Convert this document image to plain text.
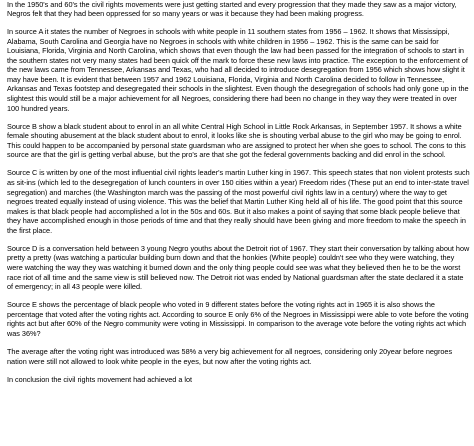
In the 1950's and 60's the civil rights movements were just getting started and every progression that they made they saw as a major victory, Negros felt that they had been oppressed for so many years or was it because they had been making progress.

In source A it states the number of Negroes in schools with white people in 11 southern states from 1956 – 1962. It shows that Mississippi, Alabama, South Carolina and Georgia have no Negroes in schools with white children in 1956 – 1962. This is the same can be said for Louisiana, Florida, Virginia and North Carolina, which shows that even though the law had been passed for the integration of schools to start in the southern states not very many states had been quick off the mark to force these new laws into practice. The exception to the enforcement of the new laws came from Tennessee, Arkansas and Texas, who had all decided to introduce desegregation from 1956 which shows how slight it may have been. It is evident that between 1957 and 1962 Louisiana, Florida, Virginia and North Carolina decided to follow in Tennessee, Arkansas and Texas footstep and desegregated their schools in the slightest. Even though the desegregation of schools had only gone up in the slightest this would still be a major achievement for all Negroes, considering there had been no change in they way they were treated in over 100 hundred years.

Source B show a black student about to enrol in an all white Central High School in Little Rock Arkansas, in September 1957. It shows a white female shouting abusement at the black student about to enrol, it looks like she is shouting verbal abuse to the girl who may be going to enrol. This could happen to be accompanied by personal state guardsman who are assigned to protect her when she goes to school. The cons to this source are that the girl is getting verbal abuse, but the pro's are that she got the federal governments backing and did enrol in the school.

Source C is written by one of the most influential civil rights leader's martin Luther king in 1967. This speech states that non violent protests such as sit-ins (which led to the desegregation of lunch counters in over 150 cities within a year) Freedom rides (These put an end to inter-state travel segregation) and marches (the Washington march was the passing of the most powerful civil rights law in a century) where the way to get negroes treated equally instead of using violence. This was the belief that Martin Luther King held all of his life. The good point that this source makes is that black people had accomplished a lot in the 50s and 60s. But it also makes a point of saying that some black people believe that they have accomplished enough in those periods of time and that they really should have been giving and more freedom to make the speech in the first place.

Source D is a conversation held between 3 young Negro youths about the Detroit riot of 1967. They start their conversation by talking about how pretty a pretty (was watching a particular building burn down and that the honkies (White people) couldn't see who they were watching, they were watching the way they was watching it burned down and the only thing people could see was what they believed then he to be the worst race riot of all time and the same view is still believed now. The Detroit riot was ended by National guardsman after the state declared it a state of emergency; in all 43 people were killed.

Source E shows the percentage of black people who voted in 9 different states before the voting rights act in 1965 it is also shows the percentage that voted after the voting rights act. According to source E only 6% of the Negroes in Mississippi were able to vote before the voting rights act but after 60% of the Negro community were voting in Mississippi. In comparison to the average vote before the voting rights act which was 36%?

The average after the voting right was introduced was 58% a very big achievement for all negroes, considering only 20year before negroes nation were still not allowed to look white people in the eyes, but now after the voting rights act.

In conclusion the civil rights movement had achieved a lot
